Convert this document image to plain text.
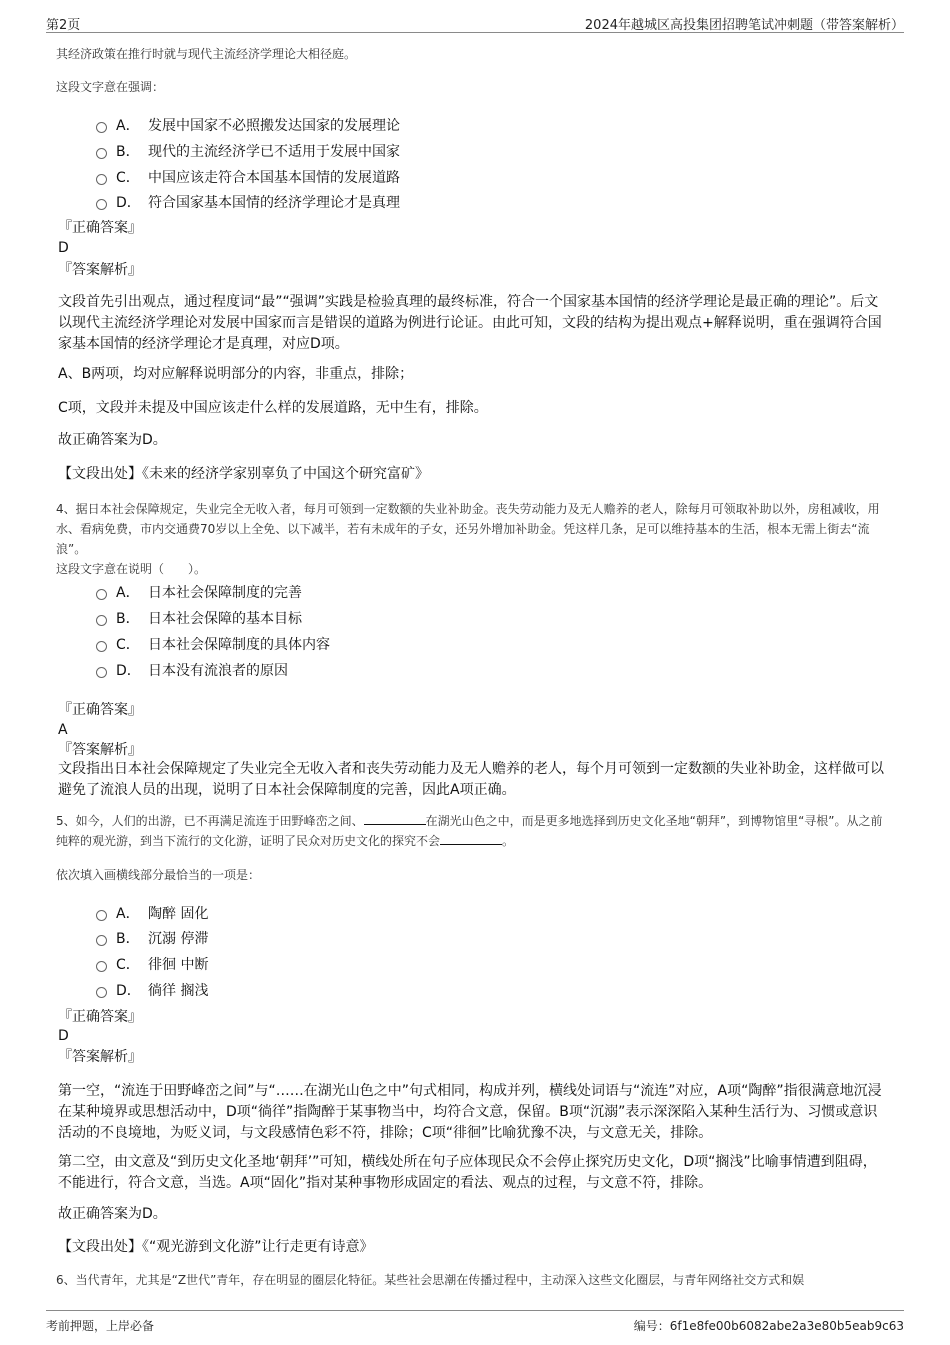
第2页	2024年越城区高投集团招聘笔试冲刺题（带答案解析）

其经济政策在推行时就与现代主流经济学理论大相径庭。

这段文字意在强调：

A． 发展中国家不必照搬发达国家的发展理论
B． 现代的主流经济学已不适用于发展中国家
C． 中国应该走符合本国基本国情的发展道路
D． 符合国家基本国情的经济学理论才是真理

『正确答案』

D

『答案解析』

文段首先引出观点，通过程度词“最”“强调”实践是检验真理的最终标准，符合一个国家基本国情的经济学理论是最正确的理论”。后文以现代主流经济学理论对发展中国家而言是错误的道路为例进行论证。由此可知，文段的结构为提出观点+解释说明，重在强调符合国家基本国情的经济学理论才是真理，对应D项。

A、B两项，均对应解释说明部分的内容，非重点，排除；

C项，文段并未提及中国应该走什么样的发展道路，无中生有，排除。

故正确答案为D。

【文段出处】《未来的经济学家别辜负了中国这个研究富矿》

4、据日本社会保障规定，失业完全无收入者，每月可领到一定数额的失业补助金。丧失劳动能力及无人赡养的老人，除每月可领取补助以外，房租减收，用水、看病免费，市内交通费70岁以上全免、以下减半，若有未成年的子女，还另外增加补助金。凭这样几条，足可以维持基本的生活，根本无需上街去“流浪”。

这段文字意在说明（　　）。

A． 日本社会保障制度的完善
B． 日本社会保障的基本目标
C． 日本社会保障制度的具体内容
D． 日本没有流浪者的原因

『正确答案』

A

『答案解析』

文段指出日本社会保障规定了失业完全无收入者和丧失劳动能力及无人赡养的老人，每个月可领到一定数额的失业补助金，这样做可以避免了流浪人员的出现，说明了日本社会保障制度的完善，因此A项正确。

5、如今，人们的出游，已不再满足流连于田野峰峦之间、	在湖光山色之中，而是更多地选择到历史文化圣地“朝拜”，到博物馆里“寻根”。从之前纯粹的观光游，到当下流行的文化游，证明了民众对历史文化的探究不会	。

依次填入画横线部分最恰当的一项是：

A． 陶醉 固化
B． 沉溺 停滞
C． 徘徊 中断
D． 徜徉 搁浅

『正确答案』

D

『答案解析』

第一空，“流连于田野峰峦之间”与“……在湖光山色之中”句式相同，构成并列，横线处词语与“流连”对应，A项“陶醉”指很满意地沉浸在某种境界或思想活动中，D项“徜徉”指陶醉于某事物当中，均符合文意，保留。B项“沉溺”表示深深陷入某种生活行为、习惯或意识活动的不良境地，为贬义词，与文段感情色彩不符，排除；C项“徘徊”比喻犹豫不决，与文意无关，排除。

第二空，由文意及“到历史文化圣地‘朝拜’”可知，横线处所在句子应体现民众不会停止探究历史文化，D项“搁浅”比喻事情遭到阻碍，不能进行，符合文意，当选。A项“固化”指对某种事物形成固定的看法、观点的过程，与文意不符，排除。

故正确答案为D。

【文段出处】《“观光游到文化游”让行走更有诗意》

6、当代青年，尤其是“Z世代”青年，存在明显的圈层化特征。某些社会思潮在传播过程中，主动深入这些文化圈层，与青年网络社交方式和娱

考前押题，上岸必备	编号：6f1e8fe00b6082abe2a3e80b5eab9c63
